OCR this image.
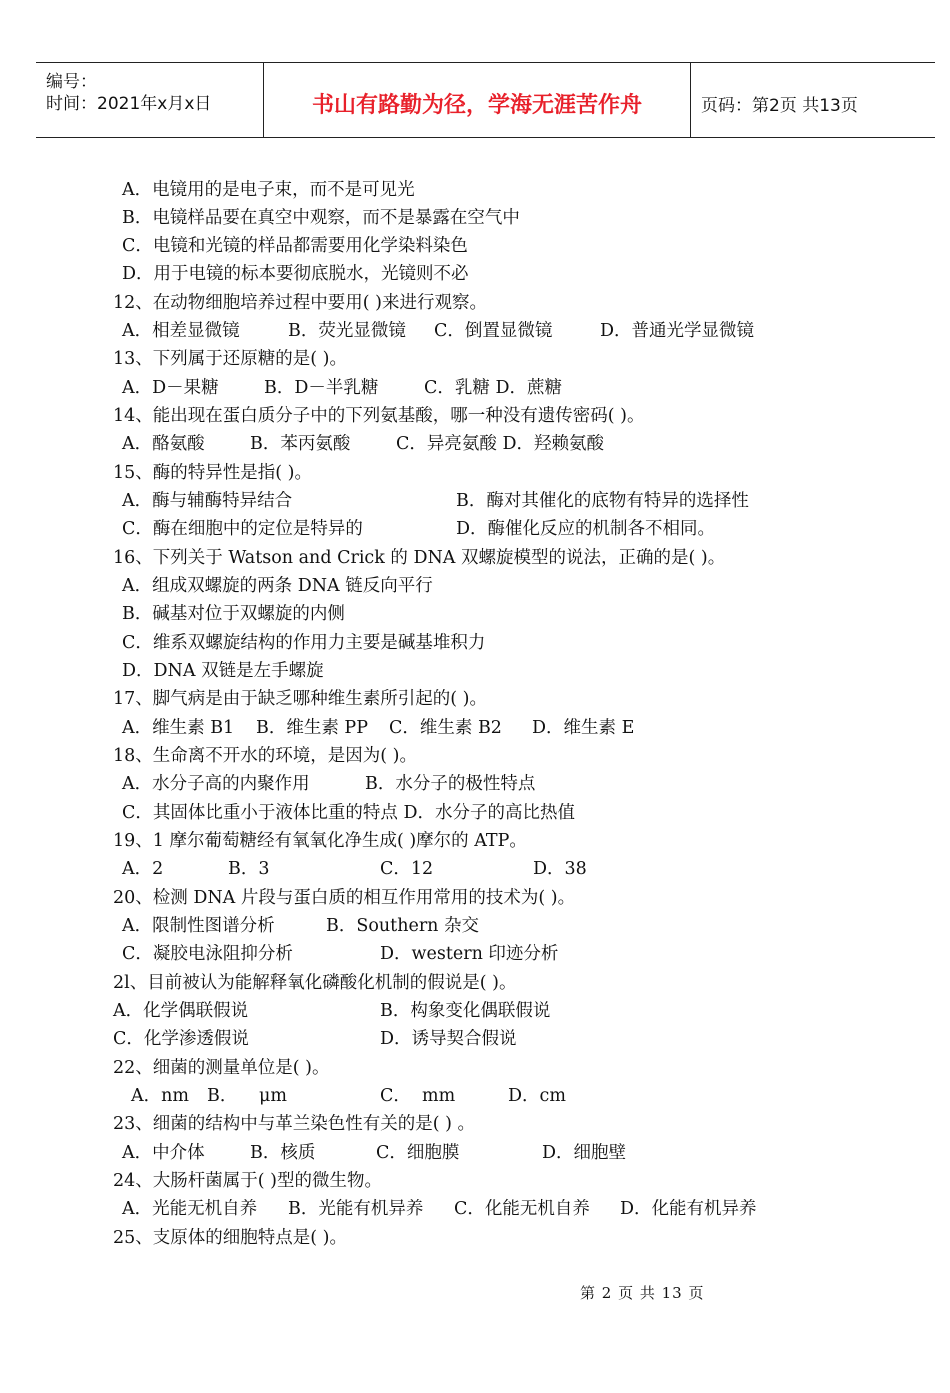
编号：
时间：2021年x月x日	书山有路勤为径，学海无涯苦作舟	页码：第2页 共13页
A．电镜用的是电子束，而不是可见光
B．电镜样品要在真空中观察，而不是暴露在空气中
C．电镜和光镜的样品都需要用化学染料染色
D．用于电镜的标本要彻底脱水，光镜则不必
12、在动物细胞培养过程中要用( )来进行观察。
A．相差显微镜	B．荧光显微镜 C．倒置显微镜	D．普通光学显微镜
13、下列属于还原糖的是( )。
A．D－果糖	B．D－半乳糖	C．乳糖 D．蔗糖
14、能出现在蛋白质分子中的下列氨基酸，哪一种没有遗传密码( )。
A．酪氨酸	B．苯丙氨酸	C．异亮氨酸 D．羟赖氨酸
15、酶的特异性是指( )。
A．酶与辅酶特异结合	B．酶对其催化的底物有特异的选择性
C．酶在细胞中的定位是特异的	D．酶催化反应的机制各不相同。
16、下列关于 Watson and Crick 的 DNA 双螺旋模型的说法，正确的是( )。
A．组成双螺旋的两条 DNA 链反向平行
B．碱基对位于双螺旋的内侧
C．维系双螺旋结构的作用力主要是碱基堆积力
D．DNA 双链是左手螺旋
17、脚气病是由于缺乏哪种维生素所引起的( )。
A．维生素 B1 B．维生素 PP C．维生素 B2 D．维生素 E
18、生命离不开水的环境，是因为( )。
A．水分子高的内聚作用	B．水分子的极性特点
C．其固体比重小于液体比重的特点 D．水分子的高比热值
19、1 摩尔葡萄糖经有氧氧化净生成( )摩尔的 ATP。
A．2	B．3	C．12	D．38
20、检测 DNA 片段与蛋白质的相互作用常用的技术为( )。
A．限制性图谱分析	B．Southern 杂交
C．凝胶电泳阻抑分析	D．western 印迹分析
2l、目前被认为能解释氧化磷酸化机制的假说是( )。
A．化学偶联假说	B．构象变化偶联假说
C．化学渗透假说	D．诱导契合假说
22、细菌的测量单位是( )。
A．nm B． μm	C． mm	D．cm
23、细菌的结构中与革兰染色性有关的是( ) 。
A．中介体	B．核质	C．细胞膜	D．细胞壁
24、大肠杆菌属于( )型的微生物。
A．光能无机自养 B．光能有机异养 C．化能无机自养 D．化能有机异养
25、支原体的细胞特点是( )。
第 2 页 共 13 页
